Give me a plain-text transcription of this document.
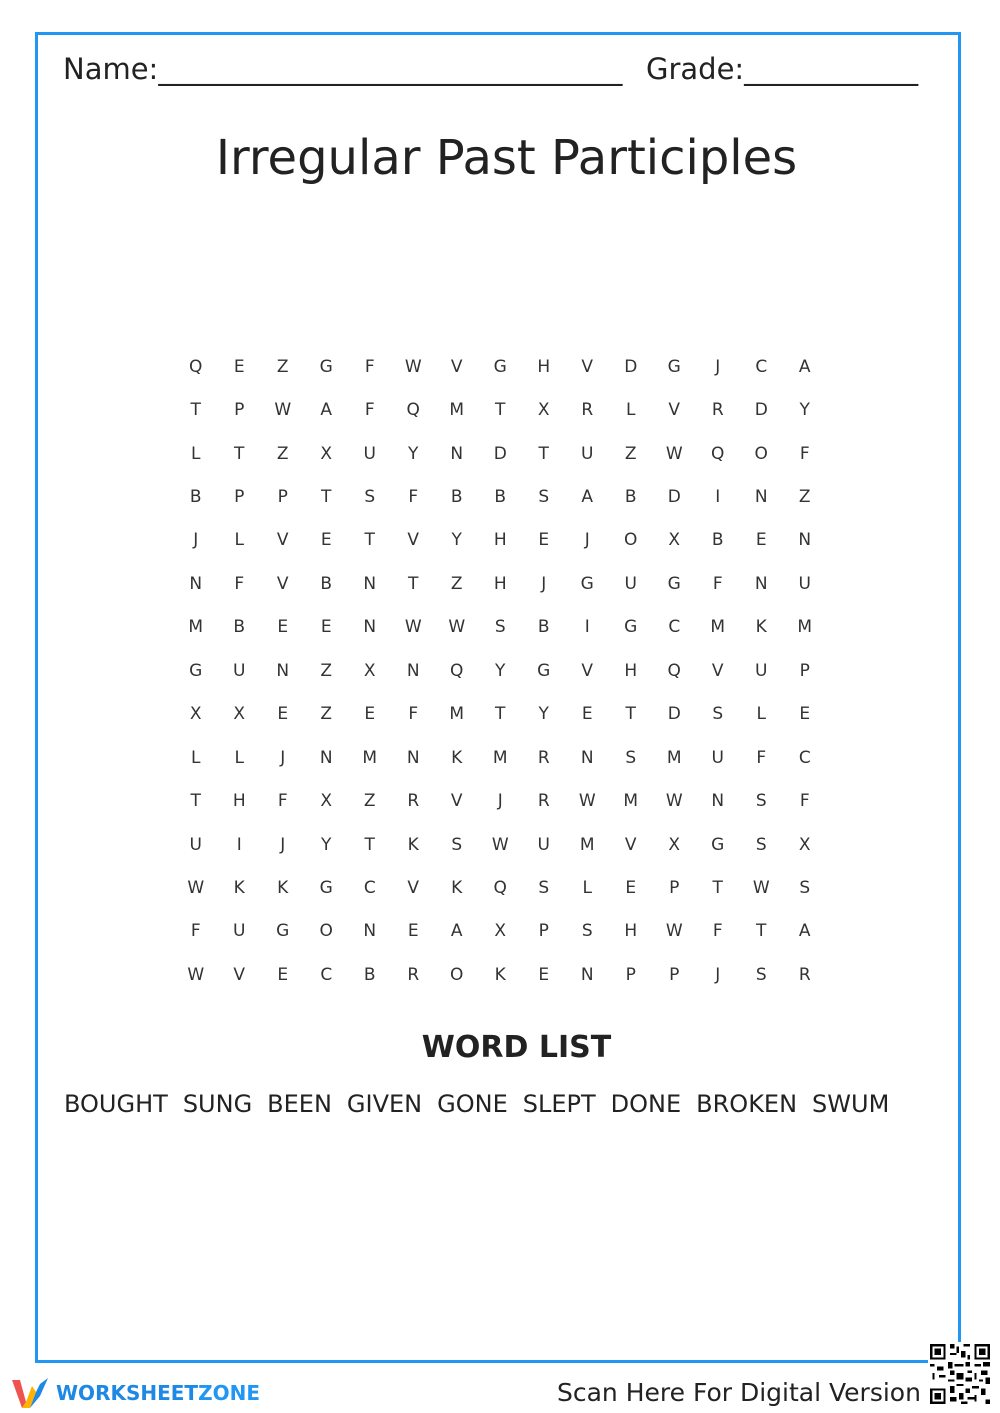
Name:________________________________ Grade:____________
Irregular Past Participles
Q	E	Z	G	F	W	V	G	H	V	D	G	J	C	A
T	P	W	A	F	Q	M	T	X	R	L	V	R	D	Y
L	T	Z	X	U	Y	N	D	T	U	Z	W	Q	O	F
B	P	P	T	S	F	B	B	S	A	B	D	I	N	Z
J	L	V	E	T	V	Y	H	E	J	O	X	B	E	N
N	F	V	B	N	T	Z	H	J	G	U	G	F	N	U
M	B	E	E	N	W	W	S	B	I	G	C	M	K	M
G	U	N	Z	X	N	Q	Y	G	V	H	Q	V	U	P
X	X	E	Z	E	F	M	T	Y	E	T	D	S	L	E
L	L	J	N	M	N	K	M	R	N	S	M	U	F	C
T	H	F	X	Z	R	V	J	R	W	M	W	N	S	F
U	I	J	Y	T	K	S	W	U	M	V	X	G	S	X
W	K	K	G	C	V	K	Q	S	L	E	P	T	W	S
F	U	G	O	N	E	A	X	P	S	H	W	F	T	A
W	V	E	C	B	R	O	K	E	N	P	P	J	S	R
WORD LIST
BOUGHT SUNG BEEN GIVEN GONE SLEPT DONE BROKEN SWUM
WORKSHEETZONE	Scan Here For Digital Version
